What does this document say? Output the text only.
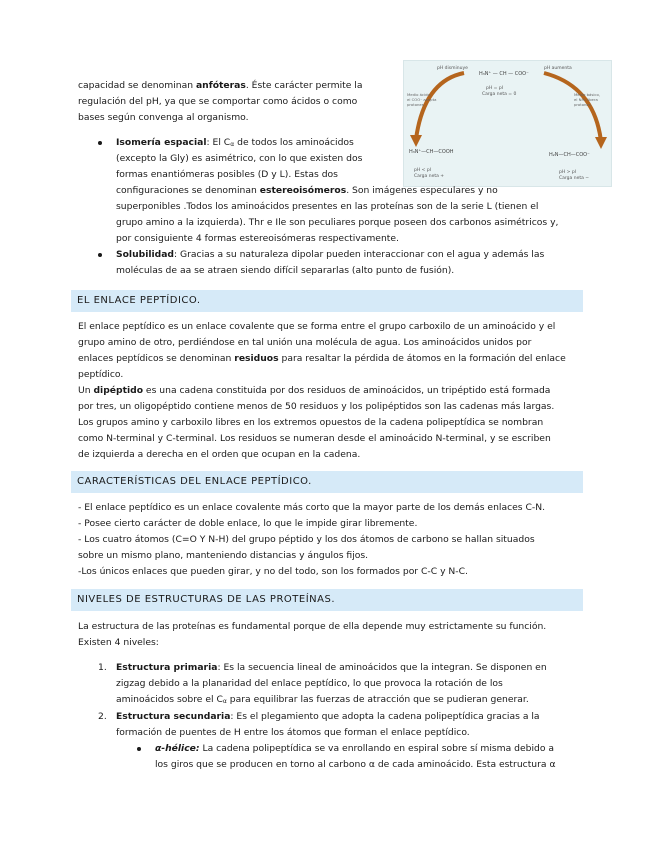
capacidad se denominan anfóteras. Éste carácter permite la
regulación del pH, ya que se comportar como ácidos o como
bases según convenga al organismo.
H₃N⁺ — CH — COO⁻
H₃N⁺—CH—COOH	H₂N—CH—COO⁻
pH disminuye	pH aumenta
pH = pI
Carga neta = 0
pH < pI
Carga neta +
pH > pI
Carga neta −
Medio ácido,
el COO⁻ acepta
protones
Medio básico,
el NH₃ libera
protones
Isomería espacial: El Cα de todos los aminoácidos
(excepto la Gly) es asimétrico, con lo que existen dos
formas enantiómeras posibles (D y L). Estas dos
configuraciones se denominan estereoisómeros. Son imágenes especulares y no
superponibles .Todos los aminoácidos presentes en las proteínas son de la serie L (tienen el
grupo amino a la izquierda). Thr e Ile son peculiares porque poseen dos carbonos asimétricos y,
por consiguiente 4 formas estereoisómeras respectivamente.
Solubilidad: Gracias a su naturaleza dipolar pueden interaccionar con el agua y además las
moléculas de aa se atraen siendo difícil separarlas (alto punto de fusión).
EL ENLACE PEPTÍDICO.
El enlace peptídico es un enlace covalente que se forma entre el grupo carboxilo de un aminoácido y el
grupo amino de otro, perdiéndose en tal unión una molécula de agua. Los aminoácidos unidos por
enlaces peptídicos se denominan residuos para resaltar la pérdida de átomos en la formación del enlace
peptídico.
Un dipéptido es una cadena constituida por dos residuos de aminoácidos, un tripéptido está formada
por tres, un oligopéptido contiene menos de 50 residuos y los polipéptidos son las cadenas más largas.
Los grupos amino y carboxilo libres en los extremos opuestos de la cadena polipeptídica se nombran
como N-terminal y C-terminal. Los residuos se numeran desde el aminoácido N-terminal, y se escriben
de izquierda a derecha en el orden que ocupan en la cadena.
CARACTERÍSTICAS DEL ENLACE PEPTÍDICO.
- El enlace peptídico es un enlace covalente más corto que la mayor parte de los demás enlaces C-N.
- Posee cierto carácter de doble enlace, lo que le impide girar libremente.
- Los cuatro átomos (C=O Y N-H) del grupo péptido y los dos átomos de carbono se hallan situados
sobre un mismo plano, manteniendo distancias y ángulos fijos.
-Los únicos enlaces que pueden girar, y no del todo, son los formados por C-C y N-C.
NIVELES DE ESTRUCTURAS DE LAS PROTEÍNAS.
La estructura de las proteínas es fundamental porque de ella depende muy estrictamente su función.
Existen 4 niveles:
1. Estructura primaria: Es la secuencia lineal de aminoácidos que la integran. Se disponen en
zigzag debido a la planaridad del enlace peptídico, lo que provoca la rotación de los
aminoácidos sobre el Cα para equilibrar las fuerzas de atracción que se pudieran generar.
2. Estructura secundaria: Es el plegamiento que adopta la cadena polipeptídica gracias a la
formación de puentes de H entre los átomos que forman el enlace peptídico.
α-hélice: La cadena polipeptídica se va enrollando en espiral sobre sí misma debido a
los giros que se producen en torno al carbono α de cada aminoácido. Esta estructura α
